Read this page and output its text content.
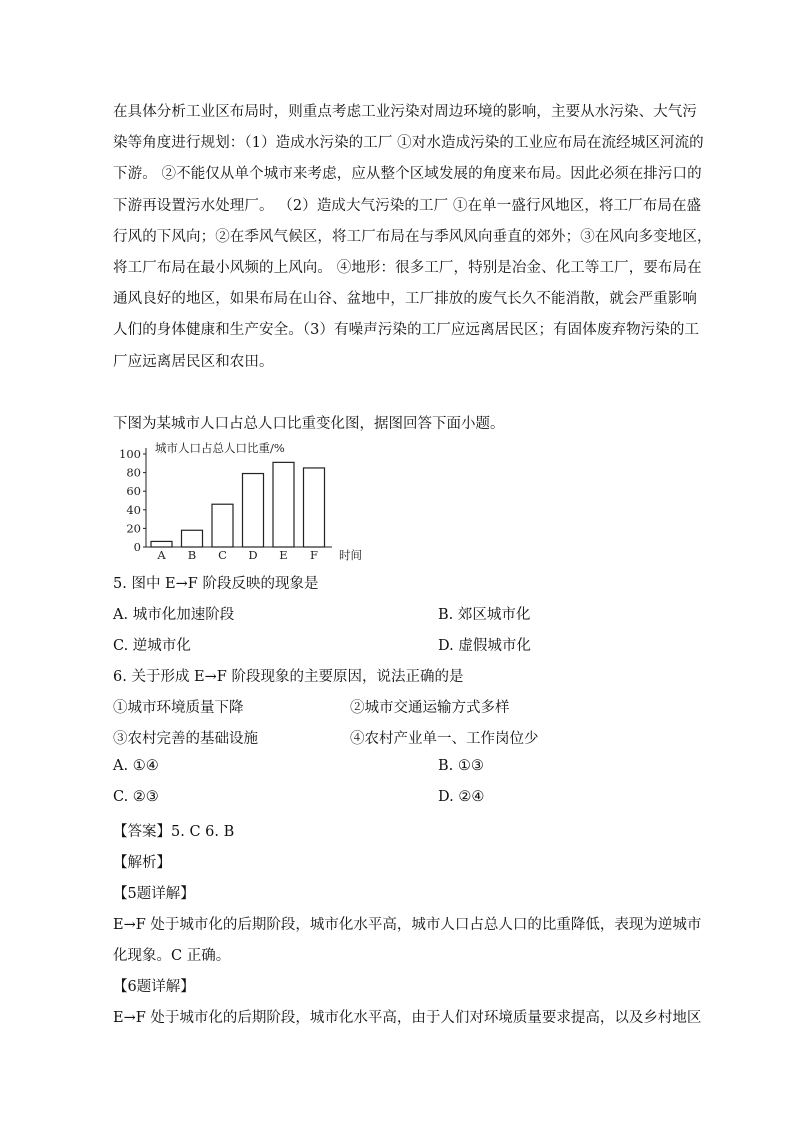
在具体分析工业区布局时，则重点考虑工业污染对周边环境的影响，主要从水污染、大气污
染等角度进行规划：（1）造成水污染的工厂 ①对水造成污染的工业应布局在流经城区河流的
下游。 ②不能仅从单个城市来考虑，应从整个区域发展的角度来布局。因此必须在排污口的
下游再设置污水处理厂。 （2）造成大气污染的工厂 ①在单一盛行风地区，将工厂布局在盛
行风的下风向；②在季风气候区，将工厂布局在与季风风向垂直的郊外；③在风向多变地区，
将工厂布局在最小风频的上风向。 ④地形：很多工厂，特别是冶金、化工等工厂，要布局在
通风良好的地区，如果布局在山谷、盆地中，工厂排放的废气长久不能消散，就会严重影响
人们的身体健康和生产安全。（3）有噪声污染的工厂应远离居民区；有固体废弃物污染的工
厂应远离居民区和农田。
下图为某城市人口占总人口比重变化图，据图回答下面小题。
0
20
40
60
80
100 城市人口占总人口比重/%
A B C D E F 时间
5. 图中 E→F 阶段反映的现象是
A. 城市化加速阶段	B. 郊区城市化
C. 逆城市化	D. 虚假城市化
6. 关于形成 E→F 阶段现象的主要原因，说法正确的是
①城市环境质量下降	②城市交通运输方式多样
③农村完善的基础设施	④农村产业单一、工作岗位少
A. ①④	B. ①③
C. ②③	D. ②④
【答案】5. C 6. B
【解析】
【5题详解】
E→F 处于城市化的后期阶段，城市化水平高，城市人口占总人口的比重降低，表现为逆城市
化现象。C 正确。
【6题详解】
E→F 处于城市化的后期阶段，城市化水平高，由于人们对环境质量要求提高，以及乡村地区
